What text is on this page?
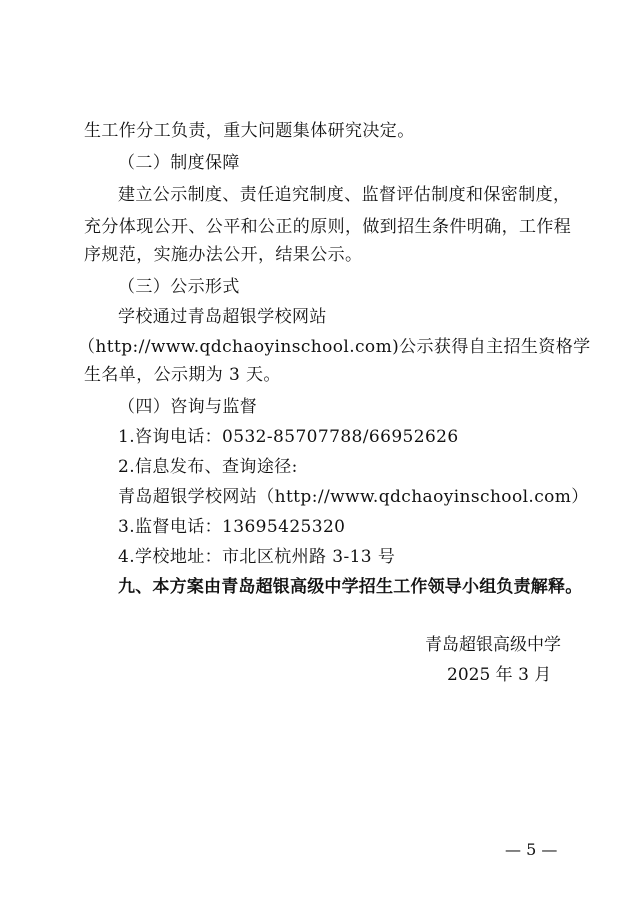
生工作分工负责，重大问题集体研究决定。
（二）制度保障
建立公示制度、责任追究制度、监督评估制度和保密制度，
充分体现公开、公平和公正的原则，做到招生条件明确，工作程
序规范，实施办法公开，结果公示。
（三）公示形式
学校通过青岛超银学校网站
（http://www.qdchaoyinschool.com)公示获得自主招生资格学
生名单，公示期为 3 天。
（四）咨询与监督
1.咨询电话：0532-85707788/66952626
2.信息发布、查询途径:
青岛超银学校网站（http://www.qdchaoyinschool.com）
3.监督电话：13695425320
4.学校地址：市北区杭州路 3-13 号
九、本方案由青岛超银高级中学招生工作领导小组负责解释。
青岛超银高级中学
2025 年 3 月
— 5 —
